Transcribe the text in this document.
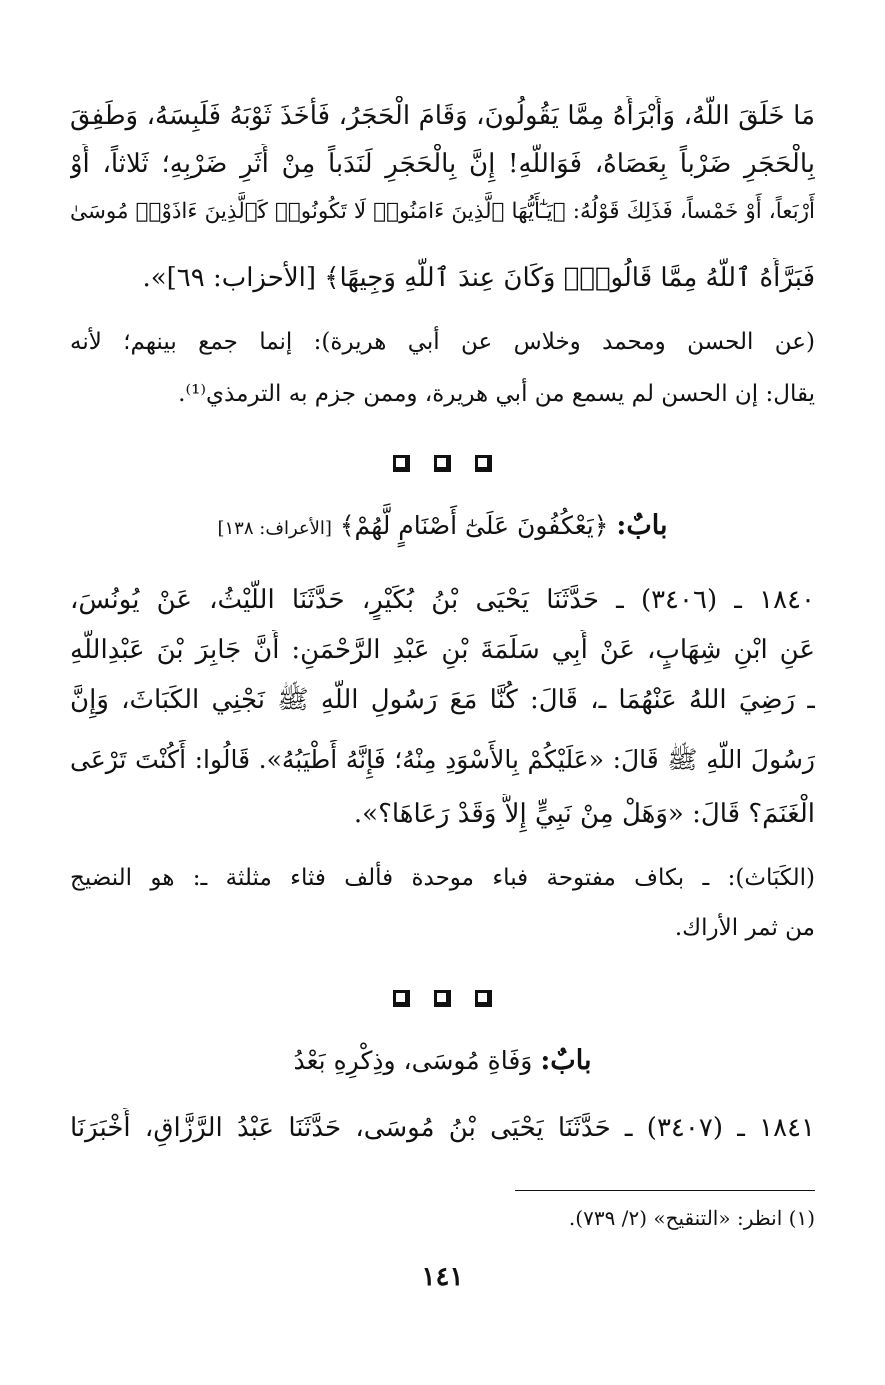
مَا خَلَقَ اللَّهُ، وَأَبْرَأَهُ مِمَّا يَقُولُونَ، وَقَامَ الْحَجَرُ، فَأَخَذَ ثَوْبَهُ فَلَبِسَهُ، وَطَفِقَ
بِالْحَجَرِ ضَرْباً بِعَصَاهُ، فَوَاللَّهِ! إِنَّ بِالْحَجَرِ لَنَدَباً مِنْ أَثَرِ ضَرْبِهِ؛ ثَلاثاً، أَوْ
أَرْبَعاً، أَوْ خَمْساً، فَذَلِكَ قَوْلُهُ: ﴿يَـٰٓأَيُّهَا ٱلَّذِينَ ءَامَنُوا۟ لَا تَكُونُوا۟ كَٱلَّذِينَ ءَاذَوْا۟ مُوسَىٰ
فَبَرَّأَهُ ٱللَّهُ مِمَّا قَالُوا۟ۚ وَكَانَ عِندَ ٱللَّهِ وَجِيهًا﴾ [الأحزاب: ٦٩]».
(عن الحسن ومحمد وخلاس عن أبي هريرة): إنما جمع بينهم؛ لأنه
يقال: إن الحسن لم يسمع من أبي هريرة، وممن جزم به الترمذي⁽¹⁾.
بابٌ: ﴿يَعْكُفُونَ عَلَىٰٓ أَصْنَامٍ لَّهُمْ﴾ [الأعراف: ١٣٨]
١٨٤٠ ـ (٣٤٠٦) ـ حَدَّثَنَا يَحْيَى بْنُ بُكَيْرٍ، حَدَّثَنَا اللَّيْثُ، عَنْ يُونُسَ،
عَنِ ابْنِ شِهَابٍ، عَنْ أَبِي سَلَمَةَ بْنِ عَبْدِ الرَّحْمَنِ: أَنَّ جَابِرَ بْنَ عَبْدِاللَّهِ
ـ رَضِيَ اللهُ عَنْهُمَا ـ، قَالَ: كُنَّا مَعَ رَسُولِ اللَّهِ ﷺ نَجْنِي الكَبَاثَ، وَإِنَّ
رَسُولَ اللَّهِ ﷺ قَالَ: «عَلَيْكُمْ بِالأَسْوَدِ مِنْهُ؛ فَإِنَّهُ أَطْيَبُهُ». قَالُوا: أَكُنْتَ تَرْعَى
الْغَنَمَ؟ قَالَ: «وَهَلْ مِنْ نَبِيٍّ إِلاَّ وَقَدْ رَعَاهَا؟».
(الكَبَاث): ـ بكاف مفتوحة فباء موحدة فألف فثاء مثلثة ـ: هو النضيج
من ثمر الأراك.
بابٌ: وَفَاةِ مُوسَى، وذِكْرِهِ بَعْدُ
١٨٤١ ـ (٣٤٠٧) ـ حَدَّثَنَا يَحْيَى بْنُ مُوسَى، حَدَّثَنَا عَبْدُ الرَّزَّاقِ، أَخْبَرَنَا
(١) انظر: «التنقيح» (٢/ ٧٣٩).
١٤١
